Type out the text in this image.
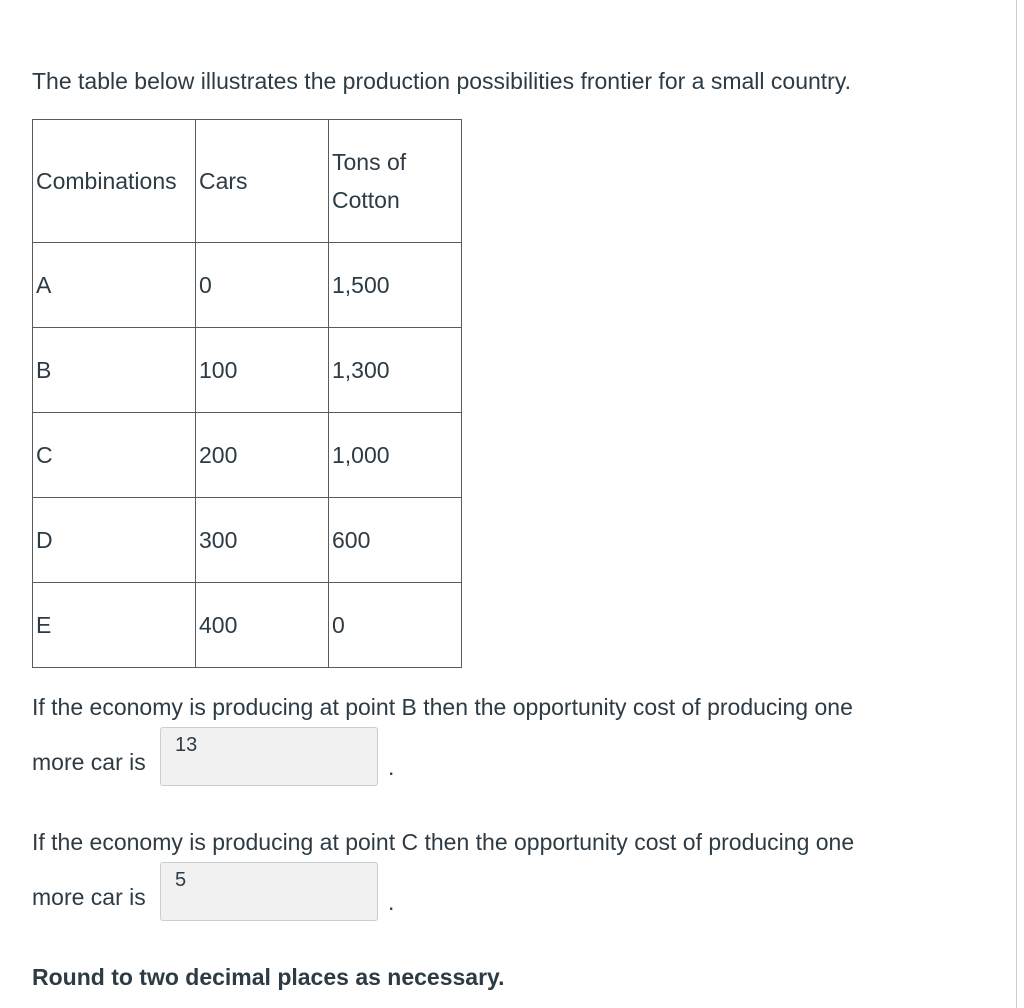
The table below illustrates the production possibilities frontier for a small country.
Combinations	Cars	Tons of
Cotton
A	0	1,500
B	100	1,300
C	200	1,000
D	300	600
E	400	0
If the economy is producing at point B then the opportunity cost of producing one
more car is
13	.
If the economy is producing at point C then the opportunity cost of producing one
more car is
5	.
Round to two decimal places as necessary.
